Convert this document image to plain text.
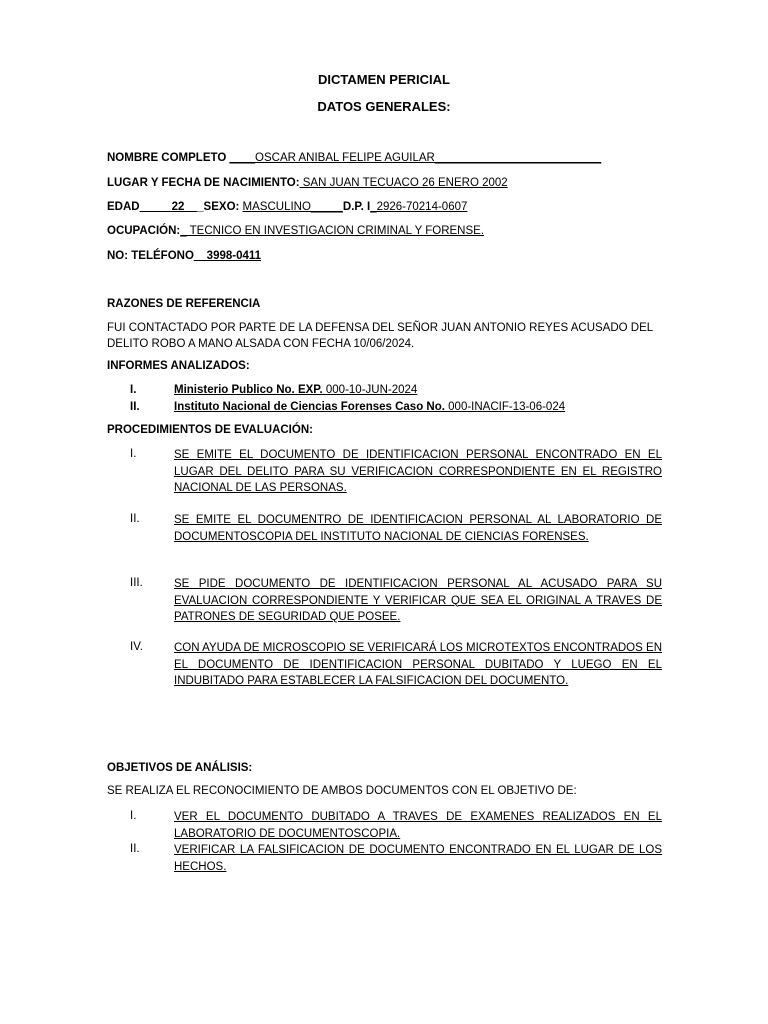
DICTAMEN PERICIAL
DATOS GENERALES:
NOMBRE COMPLETO ____OSCAR ANIBAL FELIPE AGUILAR__________________________
LUGAR Y FECHA DE NACIMIENTO: SAN JUAN TECUACO 26 ENERO 2002
EDAD_____22___SEXO: MASCULINO_____D.P. I_2926-70214-0607
OCUPACIÓN:_ TECNICO EN INVESTIGACION CRIMINAL Y FORENSE.
NO: TELÉFONO__3998-0411
RAZONES DE REFERENCIA
FUI CONTACTADO POR PARTE DE LA DEFENSA DEL SEÑOR JUAN ANTONIO REYES ACUSADO DEL DELITO ROBO A MANO ALSADA CON FECHA 10/06/2024.
INFORMES ANALIZADOS:
I.	Ministerio Publico No. EXP. 000-10-JUN-2024
II.	Instituto Nacional de Ciencias Forenses Caso No. 000-INACIF-13-06-024
PROCEDIMIENTOS DE EVALUACIÓN:
I.	SE EMITE EL DOCUMENTO DE IDENTIFICACION PERSONAL ENCONTRADO EN EL LUGAR DEL DELITO PARA SU VERIFICACION CORRESPONDIENTE EN EL REGISTRO NACIONAL DE LAS PERSONAS.
II.	SE EMITE EL DOCUMENTRO DE IDENTIFICACION PERSONAL AL LABORATORIO DE DOCUMENTOSCOPIA DEL INSTITUTO NACIONAL DE CIENCIAS FORENSES.
III.	SE PIDE DOCUMENTO DE IDENTIFICACION PERSONAL AL ACUSADO PARA SU EVALUACION CORRESPONDIENTE Y VERIFICAR QUE SEA EL ORIGINAL A TRAVES DE PATRONES DE SEGURIDAD QUE POSEE.
IV.	CON AYUDA DE MICROSCOPIO SE VERIFICARÁ LOS MICROTEXTOS ENCONTRADOS EN EL DOCUMENTO DE IDENTIFICACION PERSONAL DUBITADO Y LUEGO EN EL INDUBITADO PARA ESTABLECER LA FALSIFICACION DEL DOCUMENTO.
OBJETIVOS DE ANÁLISIS:
SE REALIZA EL RECONOCIMIENTO DE AMBOS DOCUMENTOS CON EL OBJETIVO DE:
I.	VER EL DOCUMENTO DUBITADO A TRAVES DE EXAMENES REALIZADOS EN EL LABORATORIO DE DOCUMENTOSCOPIA.
II.	VERIFICAR LA FALSIFICACION DE DOCUMENTO ENCONTRADO EN EL LUGAR DE LOS HECHOS.
